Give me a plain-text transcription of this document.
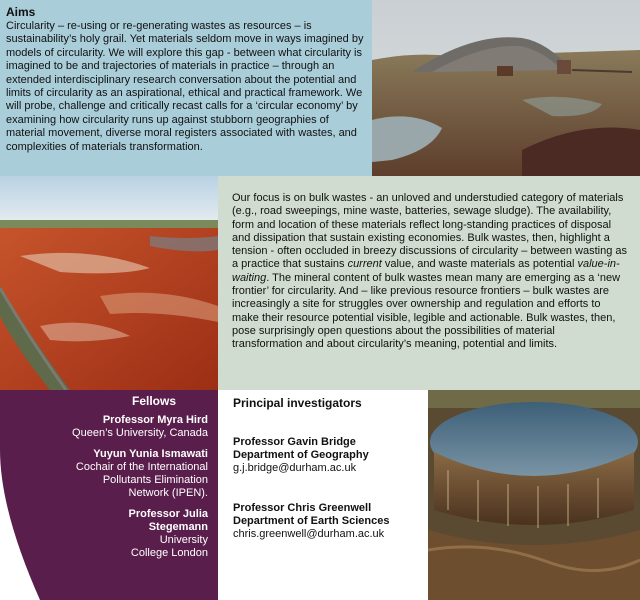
Aims

Circularity – re-using or re-generating wastes as resources – is sustainability’s holy grail. Yet materials seldom move in ways imagined by models of circularity. We will explore this gap - between what circularity is imagined to be and trajectories of materials in practice – through an extended interdisciplinary research conversation about the potential and limits of circularity as an aspirational, ethical and practical framework. We will probe, challenge and critically recast calls for a ‘circular economy’ by examining how circularity runs up against stubborn geographies of material movement, diverse moral registers associated with wastes, and complexities of materials transformation.

Our focus is on bulk wastes - an unloved and understudied category of materials (e.g., road sweepings, mine waste, batteries, sewage sludge). The availability, form and location of these materials reflect long-standing practices of disposal and dissipation that sustain existing economies. Bulk wastes, then, highlight a tension - often occluded in breezy discussions of circularity – between wasting as a practice that sustains current value, and waste materials as potential value-in-waiting. The mineral content of bulk wastes mean many are emerging as a ‘new frontier’ for circularity. And – like previous resource frontiers – bulk wastes are increasingly a site for struggles over ownership and regulation and efforts to make their resource potential visible, legible and actionable. Bulk wastes, then, pose surprisingly open questions about the possibilities of material transformation and about circularity’s meaning, potential and limits.

Fellows

Professor Myra Hird

Queen’s University, Canada

Yuyun Yunia Ismawati

Cochair of the International Pollutants Elimination Network (IPEN).

Professor Julia Stegemann

University College London

Principal investigators

Professor Gavin Bridge

Department of Geography

g.j.bridge@durham.ac.uk

Professor Chris Greenwell

Department of Earth Sciences

chris.greenwell@durham.ac.uk
